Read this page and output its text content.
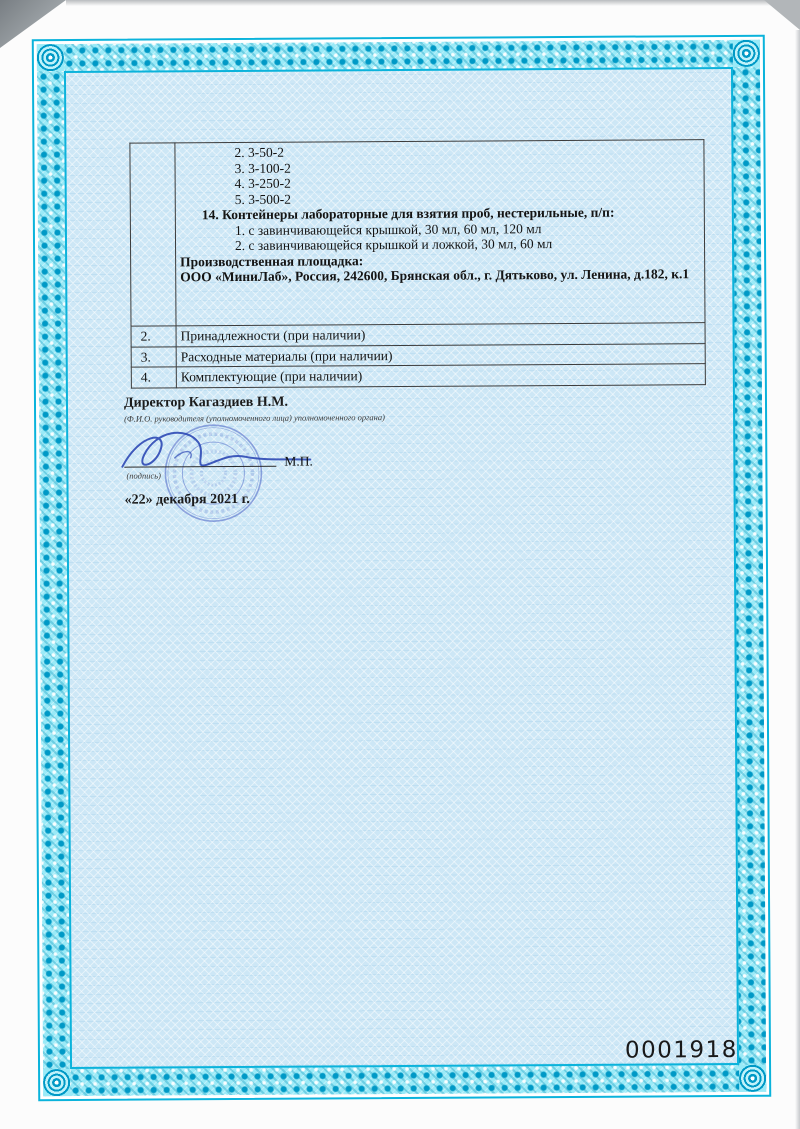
2. 3-50-2
3. 3-100-2
4. 3-250-2
5. 3-500-2
14. Контейнеры лабораторные для взятия проб, нестерильные, п/п:
1. с завинчивающейся крышкой, 30 мл, 60 мл, 120 мл
2. с завинчивающейся крышкой и ложкой, 30 мл, 60 мл
Производственная площадка:
ООО «МиниЛаб», Россия, 242600, Брянская обл., г. Дятьково, ул. Ленина, д.182, к.1

2.	Принадлежности (при наличии)
3.	Расходные материалы (при наличии)
4.	Комплектующие (при наличии)
Директор Кагаздиев Н.М.
(Ф.И.О. руководителя (уполномоченного лица) уполномоченного органа)
М.П.
(подпись)
«22» декабря 2021 г.
0001918
